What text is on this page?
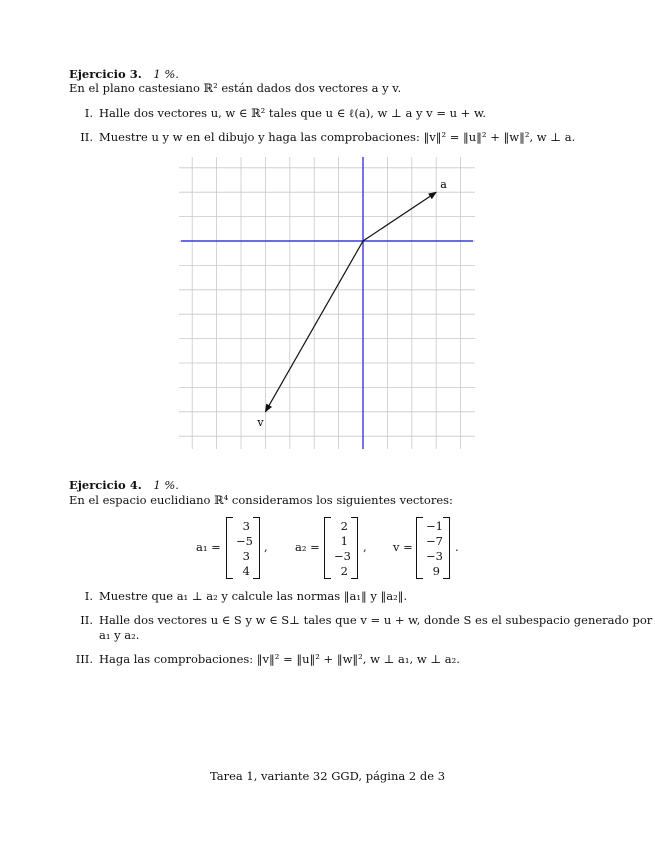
Ejercicio 3. 1 %.
En el plano castesiano ℝ² están dados dos vectores a y v.
I. Halle dos vectores u, w ∈ ℝ² tales que u ∈ ℓ(a), w ⊥ a y v = u + w.
II. Muestre u y w en el dibujo y haga las comprobaciones: ‖v‖² = ‖u‖² + ‖w‖², w ⊥ a.
a
v
Ejercicio 4. 1 %.
En el espacio euclidiano ℝ⁴ consideramos los siguientes vectores:
a₁ =
3
−5
3
4
, a₂ =
2
1
−3
2
, v =
−1
−7
−3
9
.
I. Muestre que a₁ ⊥ a₂ y calcule las normas ‖a₁‖ y ‖a₂‖.
II. Halle dos vectores u ∈ S y w ∈ S⊥ tales que v = u + w, donde S es el subespacio generado por
a₁ y a₂.
III. Haga las comprobaciones: ‖v‖² = ‖u‖² + ‖w‖², w ⊥ a₁, w ⊥ a₂.
Tarea 1, variante 32 GGD, página 2 de 3
